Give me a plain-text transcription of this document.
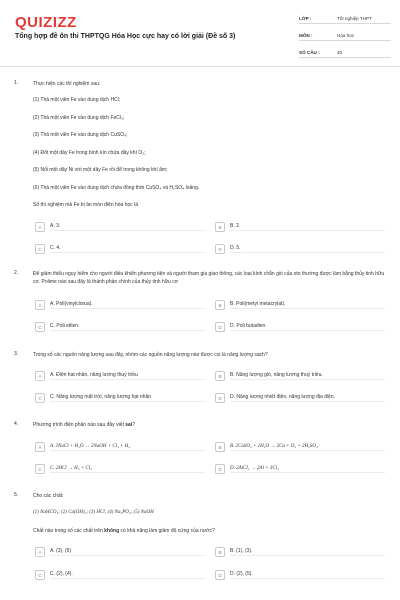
QUIZIZZ
Tổng hợp đề ôn thi THPTQG Hóa Học cực hay có lời giải (Đề số 3)
LỚP :	Tốt nghiệp THPT
MÔN :	Hóa học
SỐ CÂU :	40
1.	Thực hiện các thí nghiệm sau:
(1) Thả một viên Fe vào dung dịch HCl;
(2) Thả một viên Fe vào dung dịch FeCl₃;
(3) Thả một viên Fe vào dung dịch CuSO₄;
(4) Đốt một dây Fe trong bình kín chứa đầy khí O₂;
(5) Nối một dây Ni với một dây Fe rồi để trong không khí ẩm;
(6) Thả một viên Fe vào dung dịch chứa đồng thời CuSO₄ và H₂SO₄ loãng.
Số thí nghiệm mà Fe bị ăn mòn điện hóa học là
A	A. 3.	B	B. 2.
C	C. 4.	D	D. 5.
2.	Để giảm thiểu nguy hiểm cho người điều khiển phương tiện và người tham gia giao thông, các loại kính chắn gió của oto thường được làm bằng thủy tinh hữu cơ. Polime nào sau đây là thành phần chính của thủy tinh hữu cơ
A	A. Poli(vinylclorua).	B	B. Poli(metyl metacrylat).
C	C. Poli etilen.	D	D. Poli butadien.
3.	Trong số các nguồn năng lượng sau đây, nhóm các nguồn năng lượng nào được coi là năng lượng sạch?
A	A. Điện hạt nhân, năng lượng thuỷ triều	B	B. Năng lượng gió, năng lượng thuỷ triều.
C	C. Năng lượng mặt trời, năng lượng hạt nhân	D	D. Năng lượng nhiệt điện, năng lượng địa điện.
4.	Phương trình điện phân nào sau đây viết sai?
A	A. 2NaCl + H₂O → 2NaOH + Cl₂ + H₂	B	B. 2CuSO₄ + 2H₂O → 2Cu + O₂ + 2H₂SO₄
C	C. 2HCl → H₂ + Cl₂	D	D. 2AlCl₃ → 2Al + 3Cl₂
5.	Cho các chất:
(1) NaHCO₃; (2) Ca(OH)₂; (3) HCl; (4) Na₃PO₄; (5) NaOH
Chất nào trong số các chất trên không có khả năng làm giảm độ cứng của nước?
A	A. (3), (5)	B	B. (1), (3).
C	C. (2), (4).	D	D. (2), (5).
